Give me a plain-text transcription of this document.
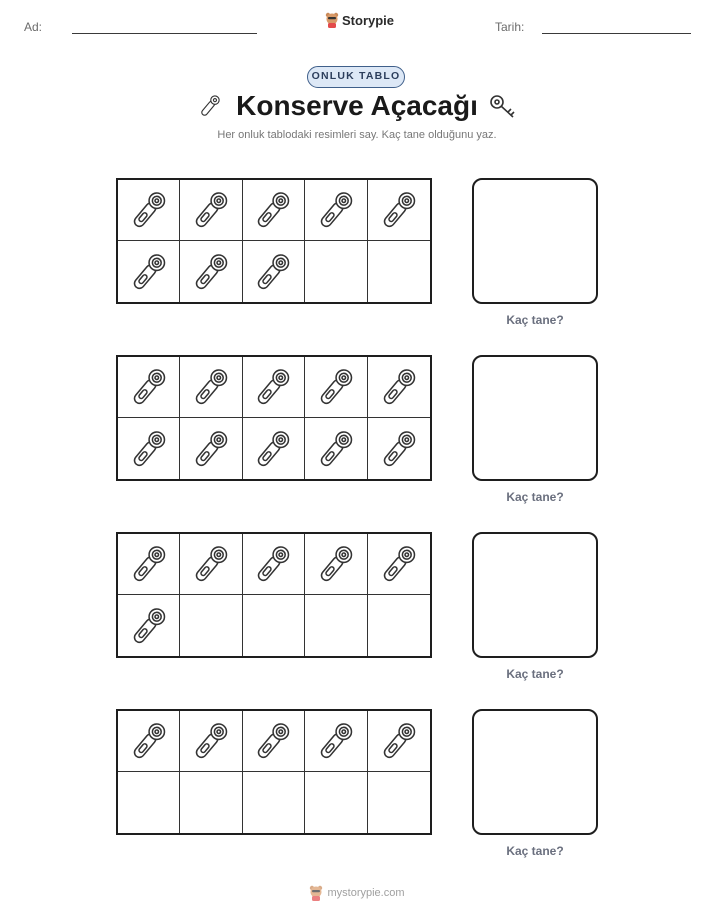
Ad:	Tarih:
Storypie
ONLUK TABLO
Konserve Açacağı
Her onluk tablodaki resimleri say. Kaç tane olduğunu yaz.
Kaç tane?
Kaç tane?
Kaç tane?
Kaç tane?
mystorypie.com
